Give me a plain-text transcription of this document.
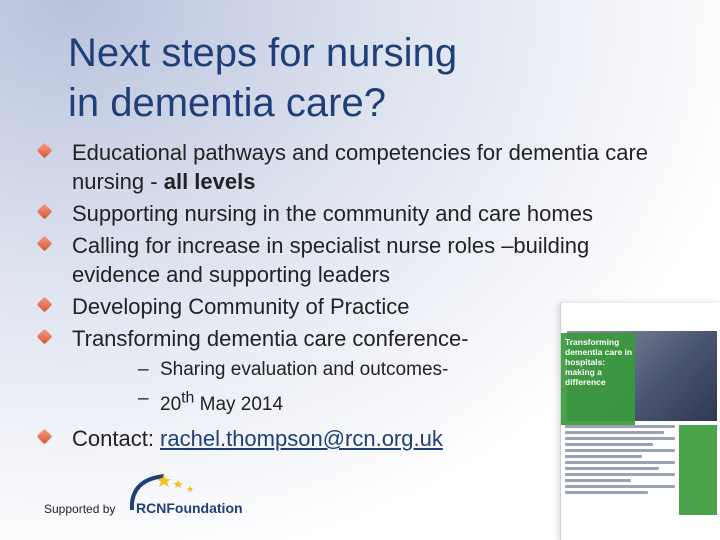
Next steps for nursing
in dementia care?
Educational pathways and competencies for dementia care nursing - all levels
Supporting nursing in the community and care homes
Calling for increase in specialist nurse roles –building evidence and supporting leaders
Developing Community of Practice
Transforming dementia care conference-
– Sharing evaluation and outcomes-
– 20th May 2014
Contact: rachel.thompson@rcn.org.uk
Supported by RCNFoundation
Transforming dementia care in hospitals: making a difference
